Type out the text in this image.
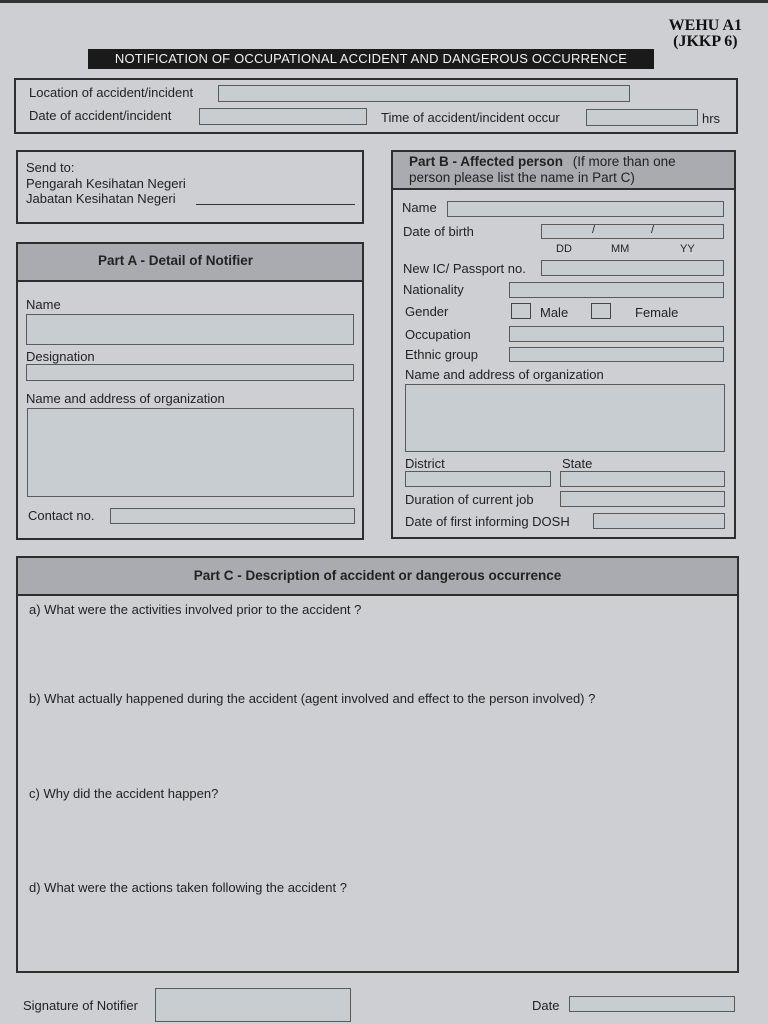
WEHU A1
(JKKP 6)
NOTIFICATION OF OCCUPATIONAL ACCIDENT AND DANGEROUS OCCURRENCE
Location of accident/incident
Date of accident/incident	Time of accident/incident occur	hrs
Send to:
Pengarah Kesihatan Negeri
Jabatan Kesihatan Negeri
Part A - Detail of Notifier
Name
Designation
Name and address of organization
Contact no.
Part B - Affected person (If more than one
person please list the name in Part C)
Name
Date of birth	/	/
DD	MM	YY
New IC/ Passport no.
Nationality
Gender	Male	Female
Occupation
Ethnic group
Name and address of organization
District	State
Duration of current job
Date of first informing DOSH
Part C - Description of accident or dangerous occurrence
a) What were the activities involved prior to the accident ?
b) What actually happened during the accident (agent involved and effect to the person involved) ?
c) Why did the accident happen?
d) What were the actions taken following the accident ?
Signature of Notifier	Date
